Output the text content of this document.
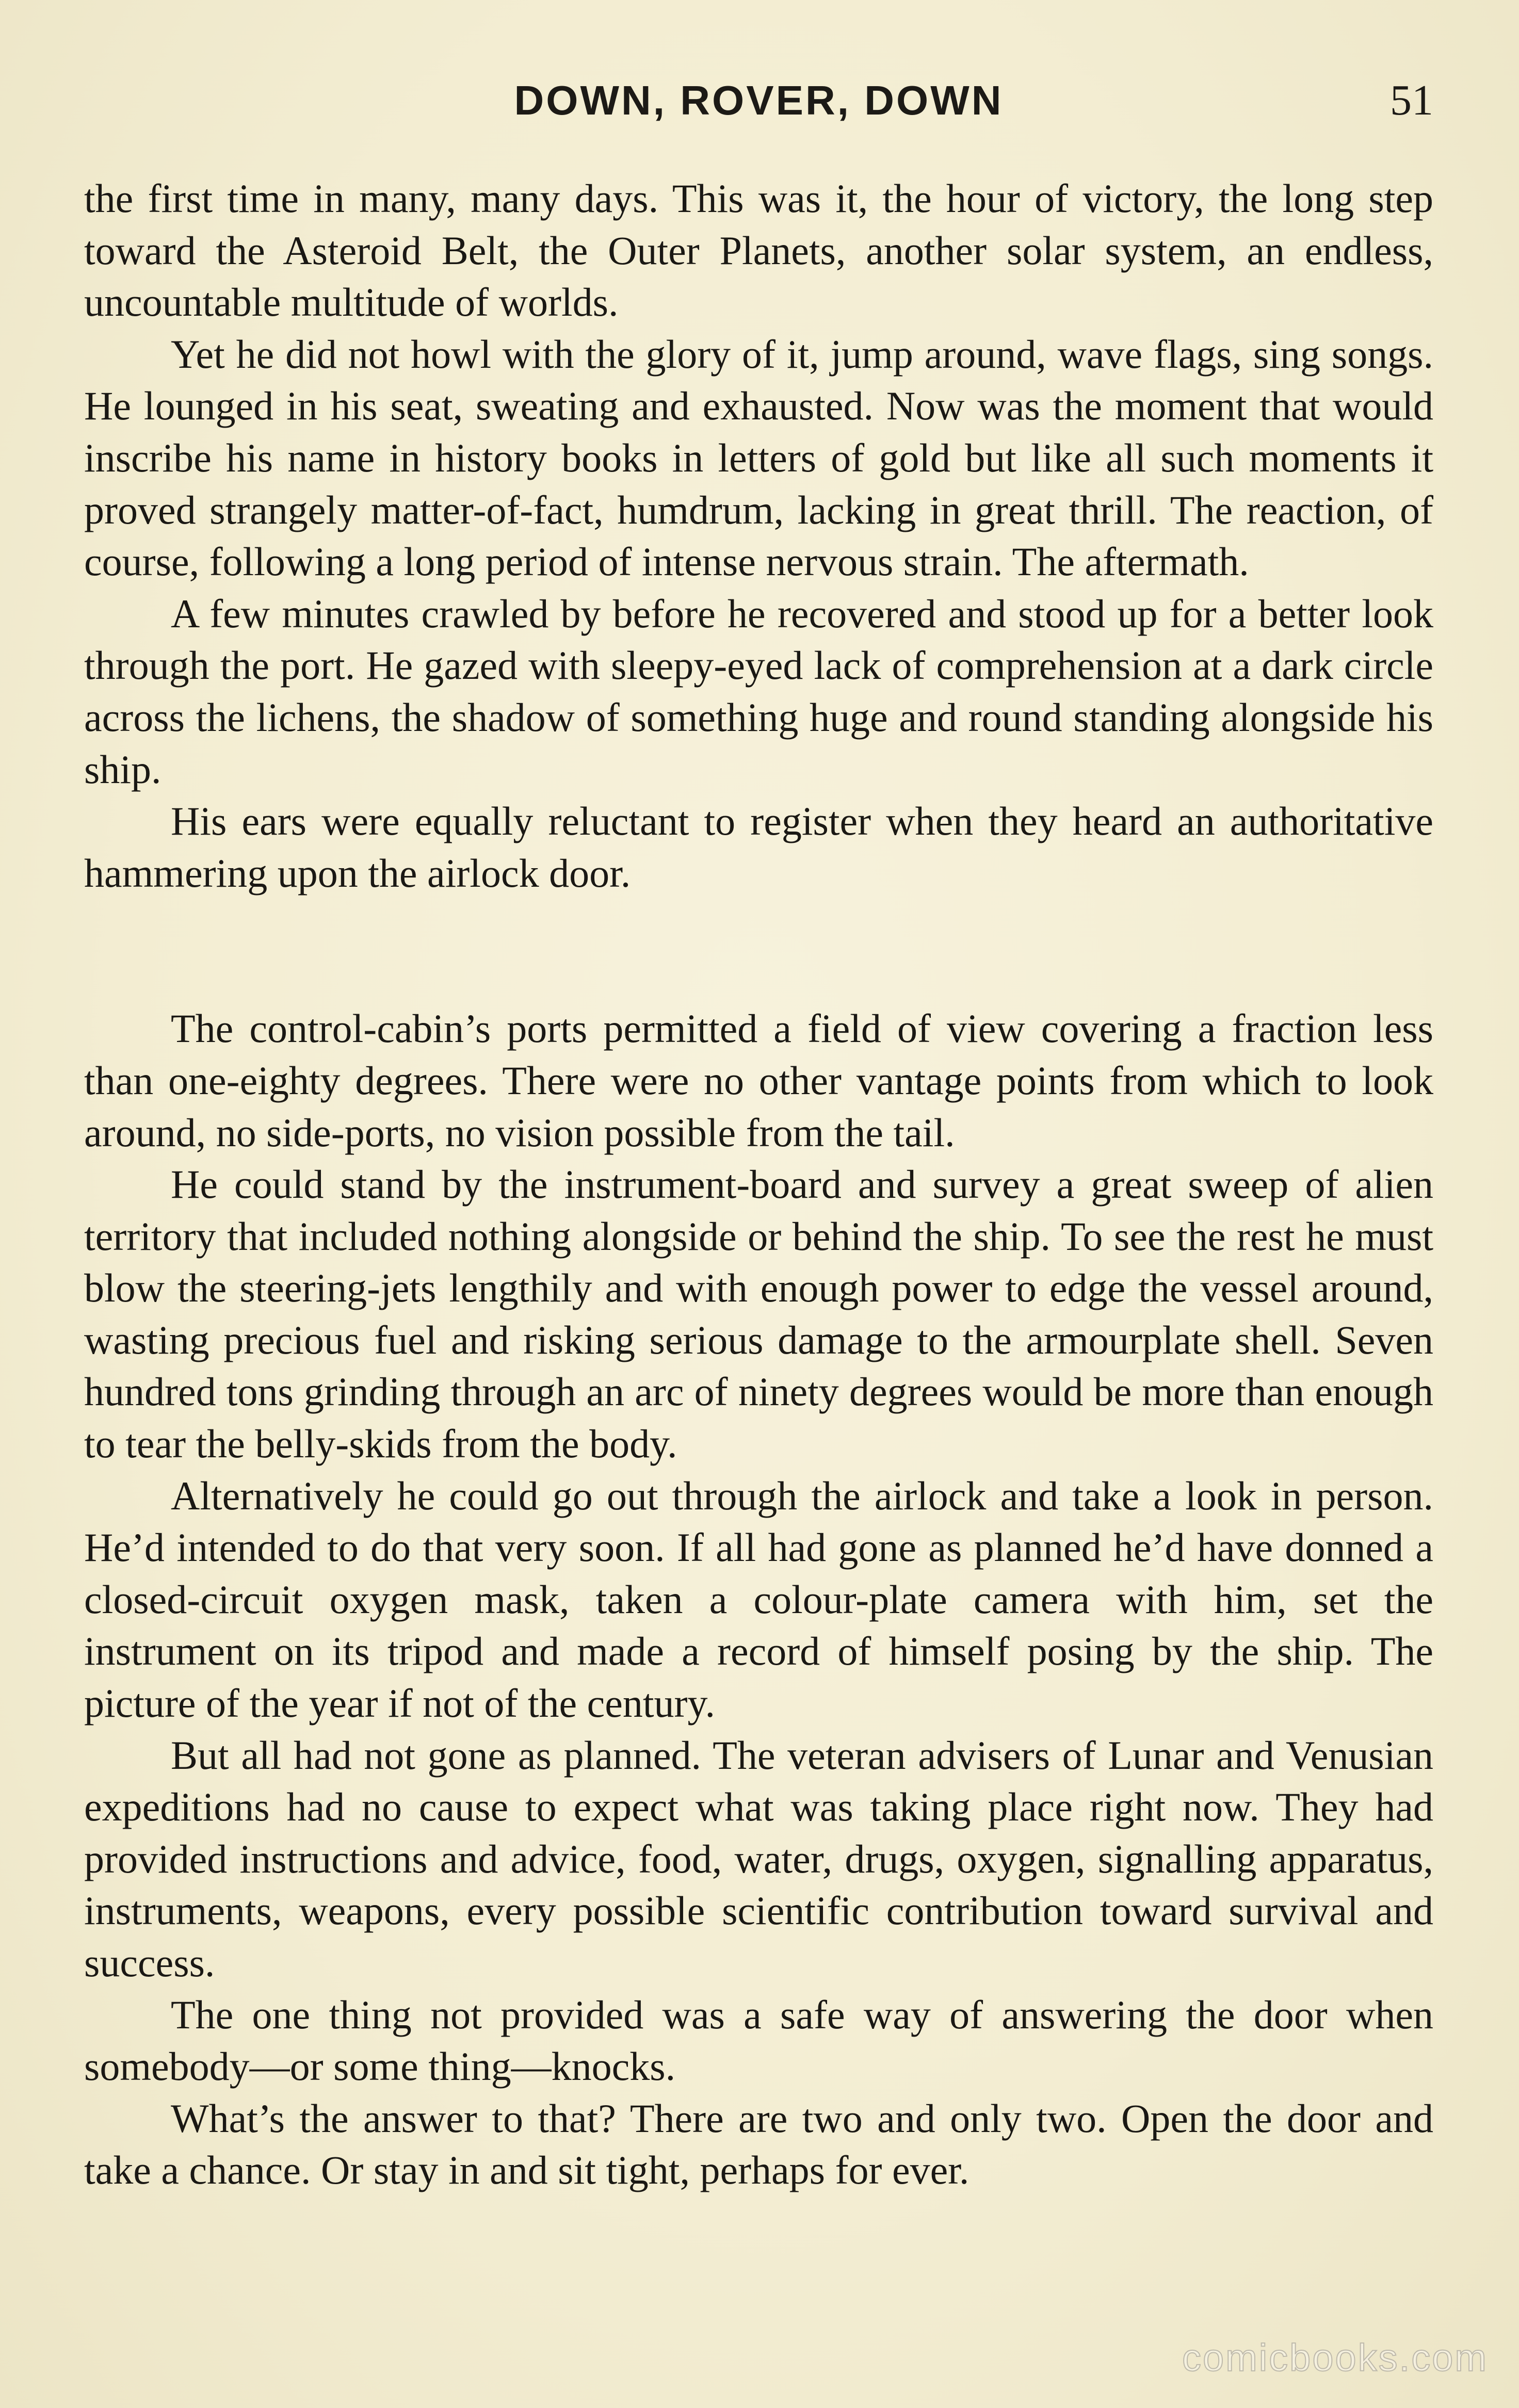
DOWN, ROVER, DOWN	51

the first time in many, many days. This was it, the hour of victory, the long step toward the Asteroid Belt, the Outer Planets, another solar system, an endless, uncountable multitude of worlds.

Yet he did not howl with the glory of it, jump around, wave flags, sing songs. He lounged in his seat, sweating and exhausted. Now was the moment that would inscribe his name in history books in letters of gold but like all such moments it proved strangely matter-of-fact, humdrum, lacking in great thrill. The reaction, of course, following a long period of intense nervous strain. The aftermath.

A few minutes crawled by before he recovered and stood up for a better look through the port. He gazed with sleepy-eyed lack of comprehension at a dark circle across the lichens, the shadow of something huge and round standing alongside his ship.

His ears were equally reluctant to register when they heard an authoritative hammering upon the airlock door.

The control-cabin’s ports permitted a field of view covering a fraction less than one-eighty degrees. There were no other vantage points from which to look around, no side-ports, no vision possible from the tail.

He could stand by the instrument-board and survey a great sweep of alien territory that included nothing alongside or behind the ship. To see the rest he must blow the steering-jets lengthily and with enough power to edge the vessel around, wasting precious fuel and risking serious damage to the armourplate shell. Seven hundred tons grinding through an arc of ninety degrees would be more than enough to tear the belly-skids from the body.

Alternatively he could go out through the airlock and take a look in person. He’d intended to do that very soon. If all had gone as planned he’d have donned a closed-circuit oxygen mask, taken a colour-plate camera with him, set the instrument on its tripod and made a record of himself posing by the ship. The picture of the year if not of the century.

But all had not gone as planned. The veteran advisers of Lunar and Venusian expeditions had no cause to expect what was taking place right now. They had provided instructions and advice, food, water, drugs, oxygen, signalling apparatus, instruments, weapons, every possible scientific contribution toward survival and success.

The one thing not provided was a safe way of answering the door when somebody—or some thing—knocks.

What’s the answer to that? There are two and only two. Open the door and take a chance. Or stay in and sit tight, perhaps for ever.

comicbooks.com
